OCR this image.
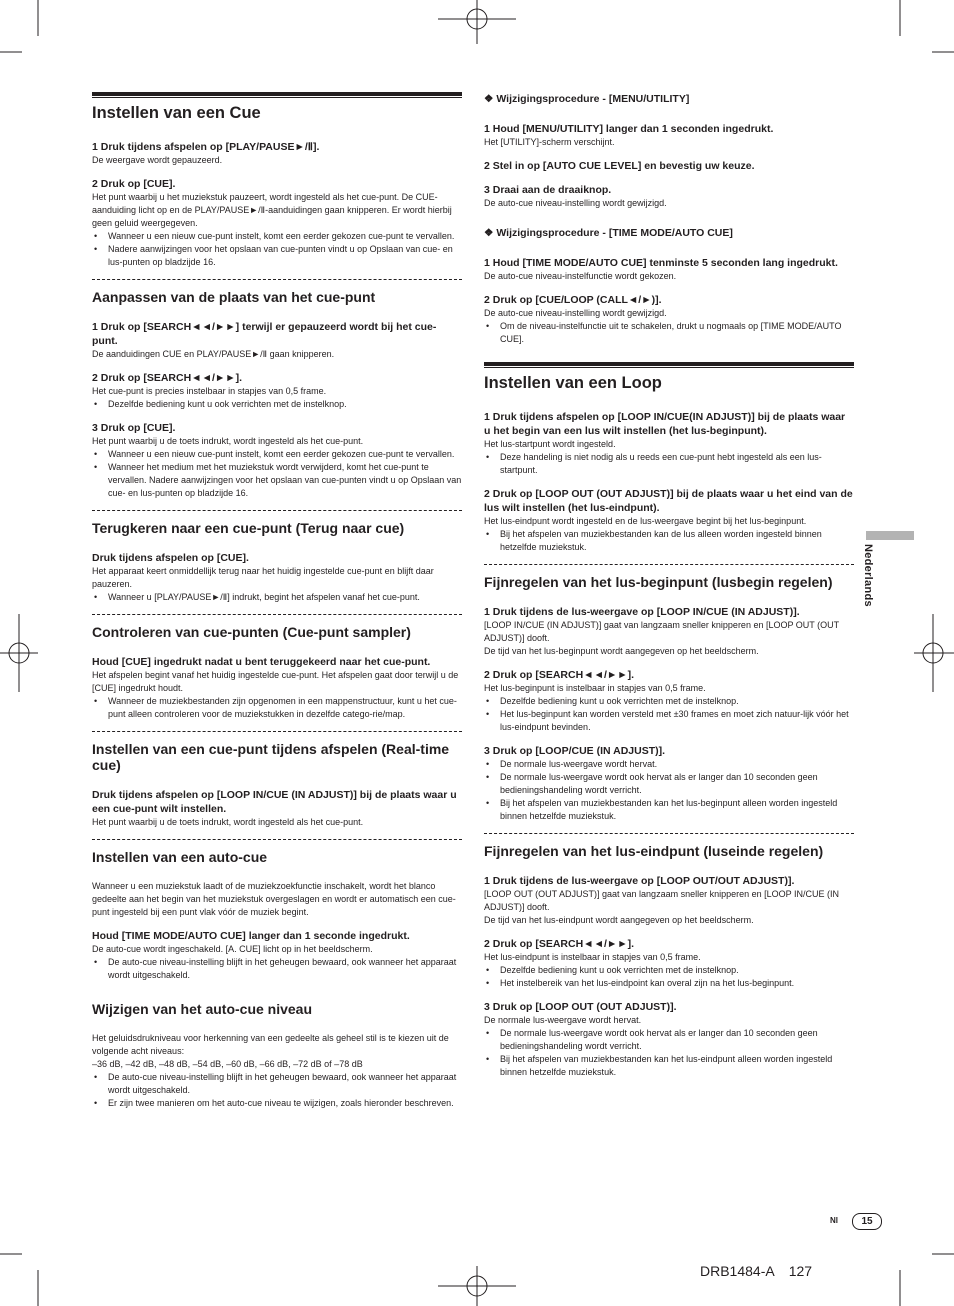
Instellen van een Cue

1 Druk tijdens afspelen op [PLAY/PAUSE►/Ⅱ].

De weergave wordt gepauzeerd.

2 Druk op [CUE].

Het punt waarbij u het muziekstuk pauzeert, wordt ingesteld als het cue-punt. De CUE-aanduiding licht op en de PLAY/PAUSE►/Ⅱ-aanduidingen gaan knipperen. Er wordt hierbij geen geluid weergegeven.

• Wanneer u een nieuw cue-punt instelt, komt een eerder gekozen cue-punt te vervallen.
• Nadere aanwijzingen voor het opslaan van cue-punten vindt u op Opslaan van cue- en lus-punten op bladzijde 16.
Aanpassen van de plaats van het cue-punt

1 Druk op [SEARCH◄◄/►►] terwijl er gepauzeerd wordt bij het cue-punt.

De aanduidingen CUE en PLAY/PAUSE►/Ⅱ gaan knipperen.

2 Druk op [SEARCH◄◄/►►].

Het cue-punt is precies instelbaar in stapjes van 0,5 frame.

• Dezelfde bediening kunt u ook verrichten met de instelknop.

3 Druk op [CUE].

Het punt waarbij u de toets indrukt, wordt ingesteld als het cue-punt.

• Wanneer u een nieuw cue-punt instelt, komt een eerder gekozen cue-punt te vervallen.
• Wanneer het medium met het muziekstuk wordt verwijderd, komt het cue-punt te vervallen. Nadere aanwijzingen voor het opslaan van cue-punten vindt u op Opslaan van cue- en lus-punten op bladzijde 16.
Terugkeren naar een cue-punt (Terug naar cue)

Druk tijdens afspelen op [CUE].

Het apparaat keert onmiddellijk terug naar het huidig ingestelde cue-punt en blijft daar pauzeren.

• Wanneer u [PLAY/PAUSE►/Ⅱ] indrukt, begint het afspelen vanaf het cue-punt.
Controleren van cue-punten (Cue-punt sampler)

Houd [CUE] ingedrukt nadat u bent teruggekeerd naar het cue-punt.

Het afspelen begint vanaf het huidig ingestelde cue-punt. Het afspelen gaat door terwijl u de [CUE] ingedrukt houdt.

• Wanneer de muziekbestanden zijn opgenomen in een mappenstructuur, kunt u het cue-punt alleen controleren voor de muziekstukken in dezelfde catego-rie/map.
Instellen van een cue-punt tijdens afspelen (Real-time cue)

Druk tijdens afspelen op [LOOP IN/CUE (IN ADJUST)] bij de plaats waar u een cue-punt wilt instellen.

Het punt waarbij u de toets indrukt, wordt ingesteld als het cue-punt.

Instellen van een auto-cue

Wanneer u een muziekstuk laadt of de muziekzoekfunctie inschakelt, wordt het blanco gedeelte aan het begin van het muziekstuk overgeslagen en wordt er automatisch een cue-punt ingesteld bij een punt vlak vóór de muziek begint.

Houd [TIME MODE/AUTO CUE] langer dan 1 seconde ingedrukt.

De auto-cue wordt ingeschakeld. [A. CUE] licht op in het beeldscherm.

• De auto-cue niveau-instelling blijft in het geheugen bewaard, ook wanneer het apparaat wordt uitgeschakeld.
Wijzigen van het auto-cue niveau

Het geluidsdrukniveau voor herkenning van een gedeelte als geheel stil is te kiezen uit de volgende acht niveaus:

–36 dB, –42 dB, –48 dB, –54 dB, –60 dB, –66 dB, –72 dB of –78 dB

• De auto-cue niveau-instelling blijft in het geheugen bewaard, ook wanneer het apparaat wordt uitgeschakeld.
• Er zijn twee manieren om het auto-cue niveau te wijzigen, zoals hieronder beschreven.

❖ Wijzigingsprocedure - [MENU/UTILITY]

1 Houd [MENU/UTILITY] langer dan 1 seconden ingedrukt.

Het [UTILITY]-scherm verschijnt.

2 Stel in op [AUTO CUE LEVEL] en bevestig uw keuze.

3 Draai aan de draaiknop.

De auto-cue niveau-instelling wordt gewijzigd.

❖ Wijzigingsprocedure - [TIME MODE/AUTO CUE]

1 Houd [TIME MODE/AUTO CUE] tenminste 5 seconden lang ingedrukt.

De auto-cue niveau-instelfunctie wordt gekozen.

2 Druk op [CUE/LOOP (CALL◄/►)].

De auto-cue niveau-instelling wordt gewijzigd.

• Om de niveau-instelfunctie uit te schakelen, drukt u nogmaals op [TIME MODE/AUTO CUE].
Instellen van een Loop

1 Druk tijdens afspelen op [LOOP IN/CUE(IN ADJUST)] bij de plaats waar u het begin van een lus wilt instellen (het lus-beginpunt).

Het lus-startpunt wordt ingesteld.

• Deze handeling is niet nodig als u reeds een cue-punt hebt ingesteld als een lus-startpunt.

2 Druk op [LOOP OUT (OUT ADJUST)] bij de plaats waar u het eind van de lus wilt instellen (het lus-eindpunt).

Het lus-eindpunt wordt ingesteld en de lus-weergave begint bij het lus-beginpunt.

• Bij het afspelen van muziekbestanden kan de lus alleen worden ingesteld binnen hetzelfde muziekstuk.
Fijnregelen van het lus-beginpunt (lusbegin regelen)

1 Druk tijdens de lus-weergave op [LOOP IN/CUE (IN ADJUST)].

[LOOP IN/CUE (IN ADJUST)] gaat van langzaam sneller knipperen en [LOOP OUT (OUT ADJUST)] dooft.

De tijd van het lus-beginpunt wordt aangegeven op het beeldscherm.

2 Druk op [SEARCH◄◄/►►].

Het lus-beginpunt is instelbaar in stapjes van 0,5 frame.

• Dezelfde bediening kunt u ook verrichten met de instelknop.
• Het lus-beginpunt kan worden versteld met ±30 frames en moet zich natuur-lijk vóór het lus-eindpunt bevinden.

3 Druk op [LOOP/CUE (IN ADJUST)].

• De normale lus-weergave wordt hervat.
• De normale lus-weergave wordt ook hervat als er langer dan 10 seconden geen bedieningshandeling wordt verricht.
• Bij het afspelen van muziekbestanden kan het lus-beginpunt alleen worden ingesteld binnen hetzelfde muziekstuk.
Fijnregelen van het lus-eindpunt (luseinde regelen)

1 Druk tijdens de lus-weergave op [LOOP OUT/OUT ADJUST)].

[LOOP OUT (OUT ADJUST)] gaat van langzaam sneller knipperen en [LOOP IN/CUE (IN ADJUST)] dooft.

De tijd van het lus-eindpunt wordt aangegeven op het beeldscherm.

2 Druk op [SEARCH◄◄/►►].

Het lus-eindpunt is instelbaar in stapjes van 0,5 frame.

• Dezelfde bediening kunt u ook verrichten met de instelknop.
• Het instelbereik van het lus-eindpoint kan overal zijn na het lus-beginpunt.

3 Druk op [LOOP OUT (OUT ADJUST)].

De normale lus-weergave wordt hervat.

• De normale lus-weergave wordt ook hervat als er langer dan 10 seconden geen bedieningshandeling wordt verricht.
• Bij het afspelen van muziekbestanden kan het lus-eindpunt alleen worden ingesteld binnen hetzelfde muziekstuk.
Nederlands
Nl	15
DRB1484-A 127
